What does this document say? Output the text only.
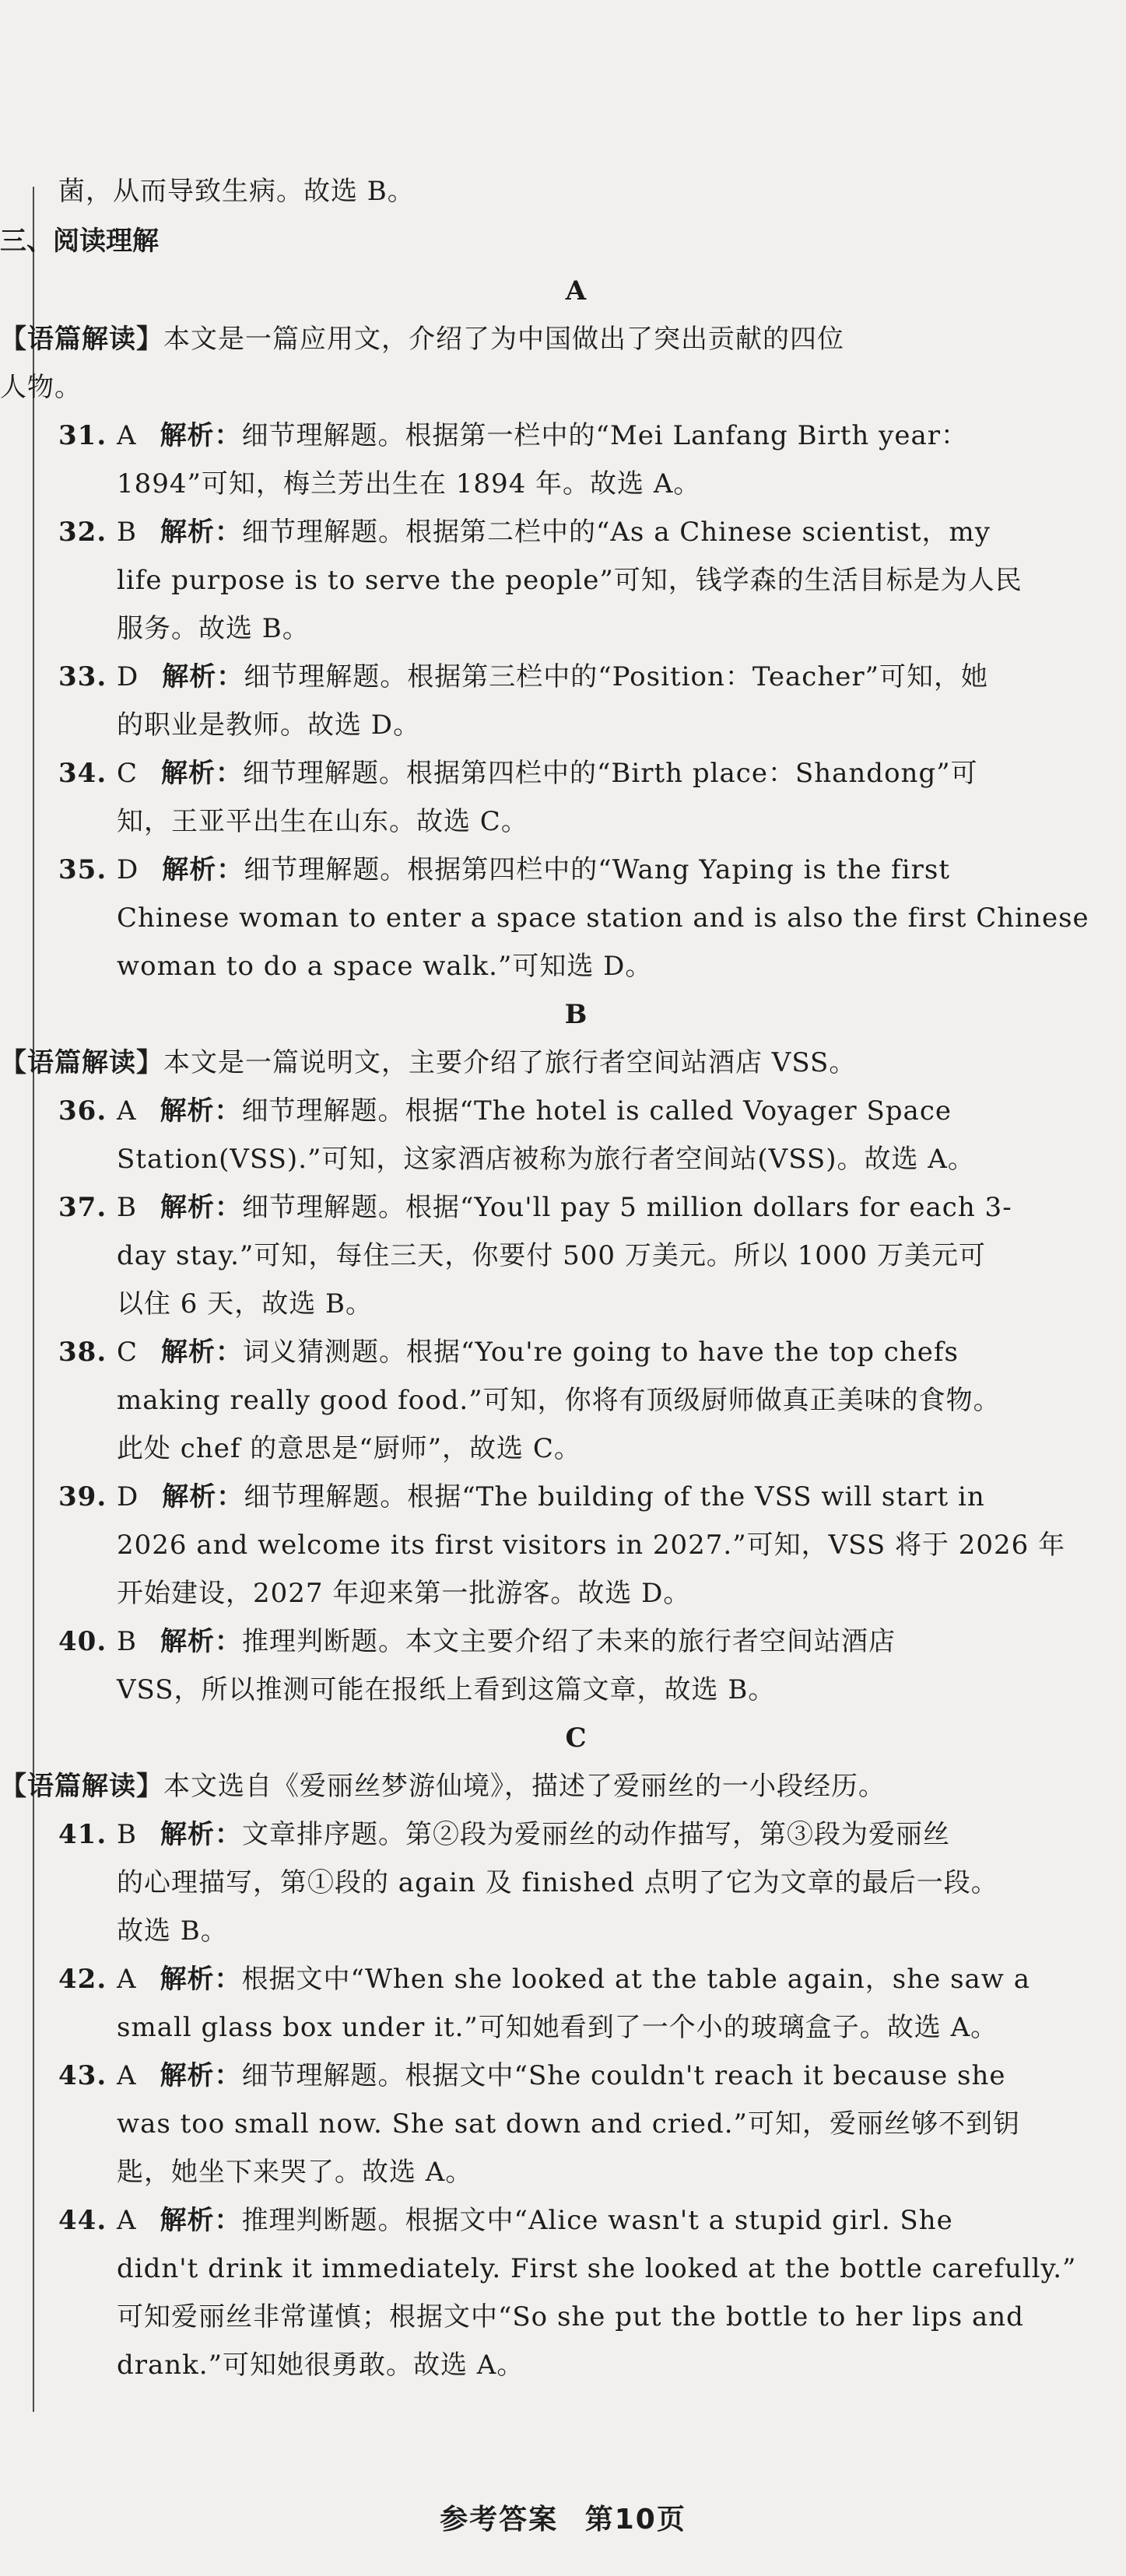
菌，从而导致生病。故选 B。
三、阅读理解
A
【语篇解读】本文是一篇应用文，介绍了为中国做出了突出贡献的四位
人物。
31. A 解析：细节理解题。根据第一栏中的“Mei Lanfang Birth year：
1894”可知，梅兰芳出生在 1894 年。故选 A。
32. B 解析：细节理解题。根据第二栏中的“As a Chinese scientist，my
life purpose is to serve the people”可知，钱学森的生活目标是为人民
服务。故选 B。
33. D 解析：细节理解题。根据第三栏中的“Position：Teacher”可知，她
的职业是教师。故选 D。
34. C 解析：细节理解题。根据第四栏中的“Birth place：Shandong”可
知，王亚平出生在山东。故选 C。
35. D 解析：细节理解题。根据第四栏中的“Wang Yaping is the first
Chinese woman to enter a space station and is also the first Chinese
woman to do a space walk.”可知选 D。
B
【语篇解读】本文是一篇说明文，主要介绍了旅行者空间站酒店 VSS。
36. A 解析：细节理解题。根据“The hotel is called Voyager Space
Station(VSS).”可知，这家酒店被称为旅行者空间站(VSS)。故选 A。
37. B 解析：细节理解题。根据“You'll pay 5 million dollars for each 3-
day stay.”可知，每住三天，你要付 500 万美元。所以 1000 万美元可
以住 6 天，故选 B。
38. C 解析：词义猜测题。根据“You're going to have the top chefs
making really good food.”可知，你将有顶级厨师做真正美味的食物。
此处 chef 的意思是“厨师”，故选 C。
39. D 解析：细节理解题。根据“The building of the VSS will start in
2026 and welcome its first visitors in 2027.”可知，VSS 将于 2026 年
开始建设，2027 年迎来第一批游客。故选 D。
40. B 解析：推理判断题。本文主要介绍了未来的旅行者空间站酒店
VSS，所以推测可能在报纸上看到这篇文章，故选 B。
C
【语篇解读】本文选自《爱丽丝梦游仙境》，描述了爱丽丝的一小段经历。
41. B 解析：文章排序题。第②段为爱丽丝的动作描写，第③段为爱丽丝
的心理描写，第①段的 again 及 finished 点明了它为文章的最后一段。
故选 B。
42. A 解析：根据文中“When she looked at the table again，she saw a
small glass box under it.”可知她看到了一个小的玻璃盒子。故选 A。
43. A 解析：细节理解题。根据文中“She couldn't reach it because she
was too small now. She sat down and cried.”可知，爱丽丝够不到钥
匙，她坐下来哭了。故选 A。
44. A 解析：推理判断题。根据文中“Alice wasn't a stupid girl. She
didn't drink it immediately. First she looked at the bottle carefully.”
可知爱丽丝非常谨慎；根据文中“So she put the bottle to her lips and
drank.”可知她很勇敢。故选 A。
参考答案 第10页
